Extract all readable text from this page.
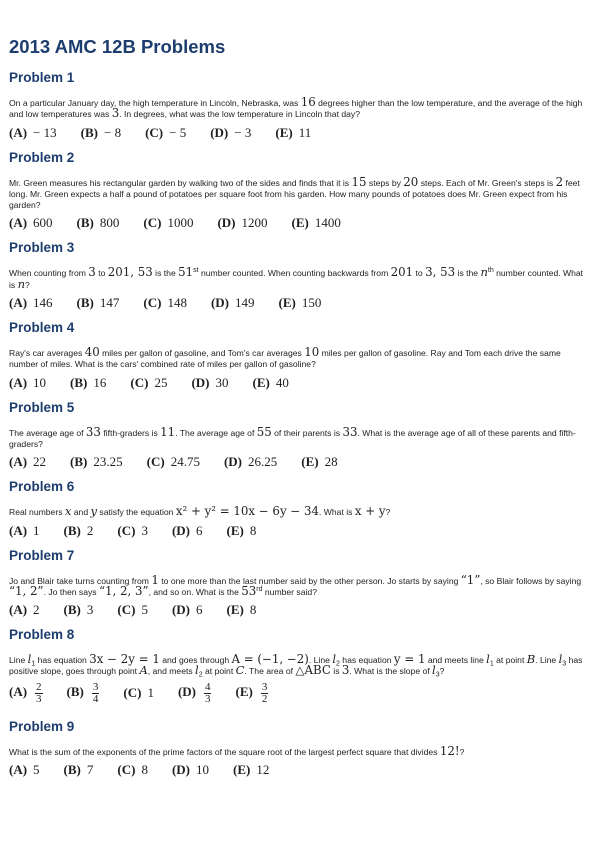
2013 AMC 12B Problems
Problem 1

On a particular January day, the high temperature in Lincoln, Nebraska, was 16 degrees higher than the low temperature, and the average of the high and low temperatures was 3. In degrees, what was the low temperature in Lincoln that day?

(A) − 13 (B) − 8 (C) − 5 (D) − 3 (E) 11
Problem 2

Mr. Green measures his rectangular garden by walking two of the sides and finds that it is 15 steps by 20 steps. Each of Mr. Green's steps is 2 feet long. Mr. Green expects a half a pound of potatoes per square foot from his garden. How many pounds of potatoes does Mr. Green expect from his garden?

(A) 600 (B) 800 (C) 1000 (D) 1200 (E) 1400
Problem 3

When counting from 3 to 201, 53 is the 51st number counted. When counting backwards from 201 to 3, 53 is the $n^{th}$ number counted. What is n?

(A) 146 (B) 147 (C) 148 (D) 149 (E) 150
Problem 4

Ray's car averages 40 miles per gallon of gasoline, and Tom's car averages 10 miles per gallon of gasoline. Ray and Tom each drive the same number of miles. What is the cars' combined rate of miles per gallon of gasoline?

(A) 10 (B) 16 (C) 25 (D) 30 (E) 40
Problem 5

The average age of 33 fifth-graders is 11. The average age of 55 of their parents is 33. What is the average age of all of these parents and fifth-graders?

(A) 22 (B) 23.25 (C) 24.75 (D) 26.25 (E) 28
Problem 6

Real numbers x and y satisfy the equation x² + y² = 10x − 6y − 34. What is x + y?

(A) 1 (B) 2 (C) 3 (D) 6 (E) 8
Problem 7

Jo and Blair take turns counting from 1 to one more than the last number said by the other person. Jo starts by saying “1”, so Blair follows by saying “1, 2”. Jo then says “1, 2, 3”, and so on. What is the 53rd number said?

(A) 2 (B) 3 (C) 5 (D) 6 (E) 8
Problem 8

Line $l_1$ has equation 3x − 2y = 1 and goes through A = (−1, −2). Line $l_2$ has equation y = 1 and meets line $l_1$ at point B. Line $l_3$ has positive slope, goes through point A, and meets $l_2$ at point C. The area of △ABC is 3. What is the slope of $l_3$?

$(A) \frac{2}{3} (B) \frac{3}{4} (C)$ 1 $(D) \frac{4}{3} (E) \frac{3}{2}$
Problem 9

What is the sum of the exponents of the prime factors of the square root of the largest perfect square that divides 12!?

(A) 5 (B) 7 (C) 8 (D) 10 (E) 12
